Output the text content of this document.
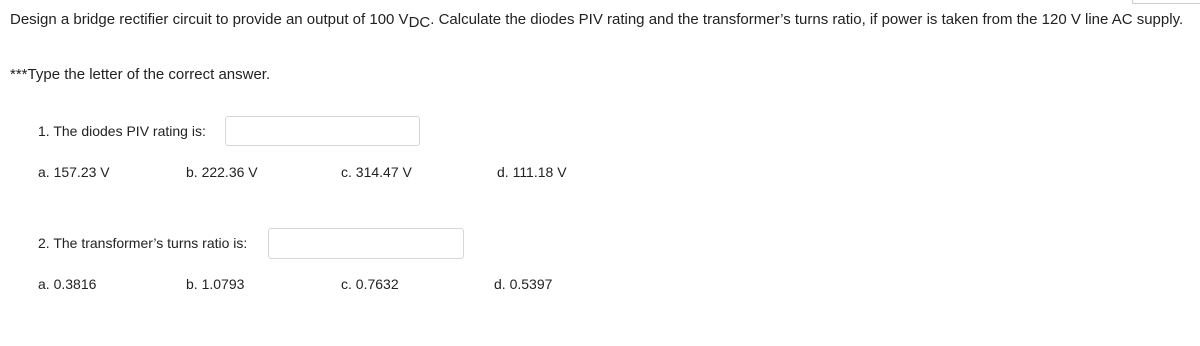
Design a bridge rectifier circuit to provide an output of 100 VDC. Calculate the diodes PIV rating and the transformer’s turns ratio, if power is taken from the 120 V line AC supply.
***Type the letter of the correct answer.
1. The diodes PIV rating is:
a. 157.23 V	b. 222.36 V	c. 314.47 V	d. 111.18 V
2. The transformer’s turns ratio is:
a. 0.3816	b. 1.0793	c. 0.7632	d. 0.5397
